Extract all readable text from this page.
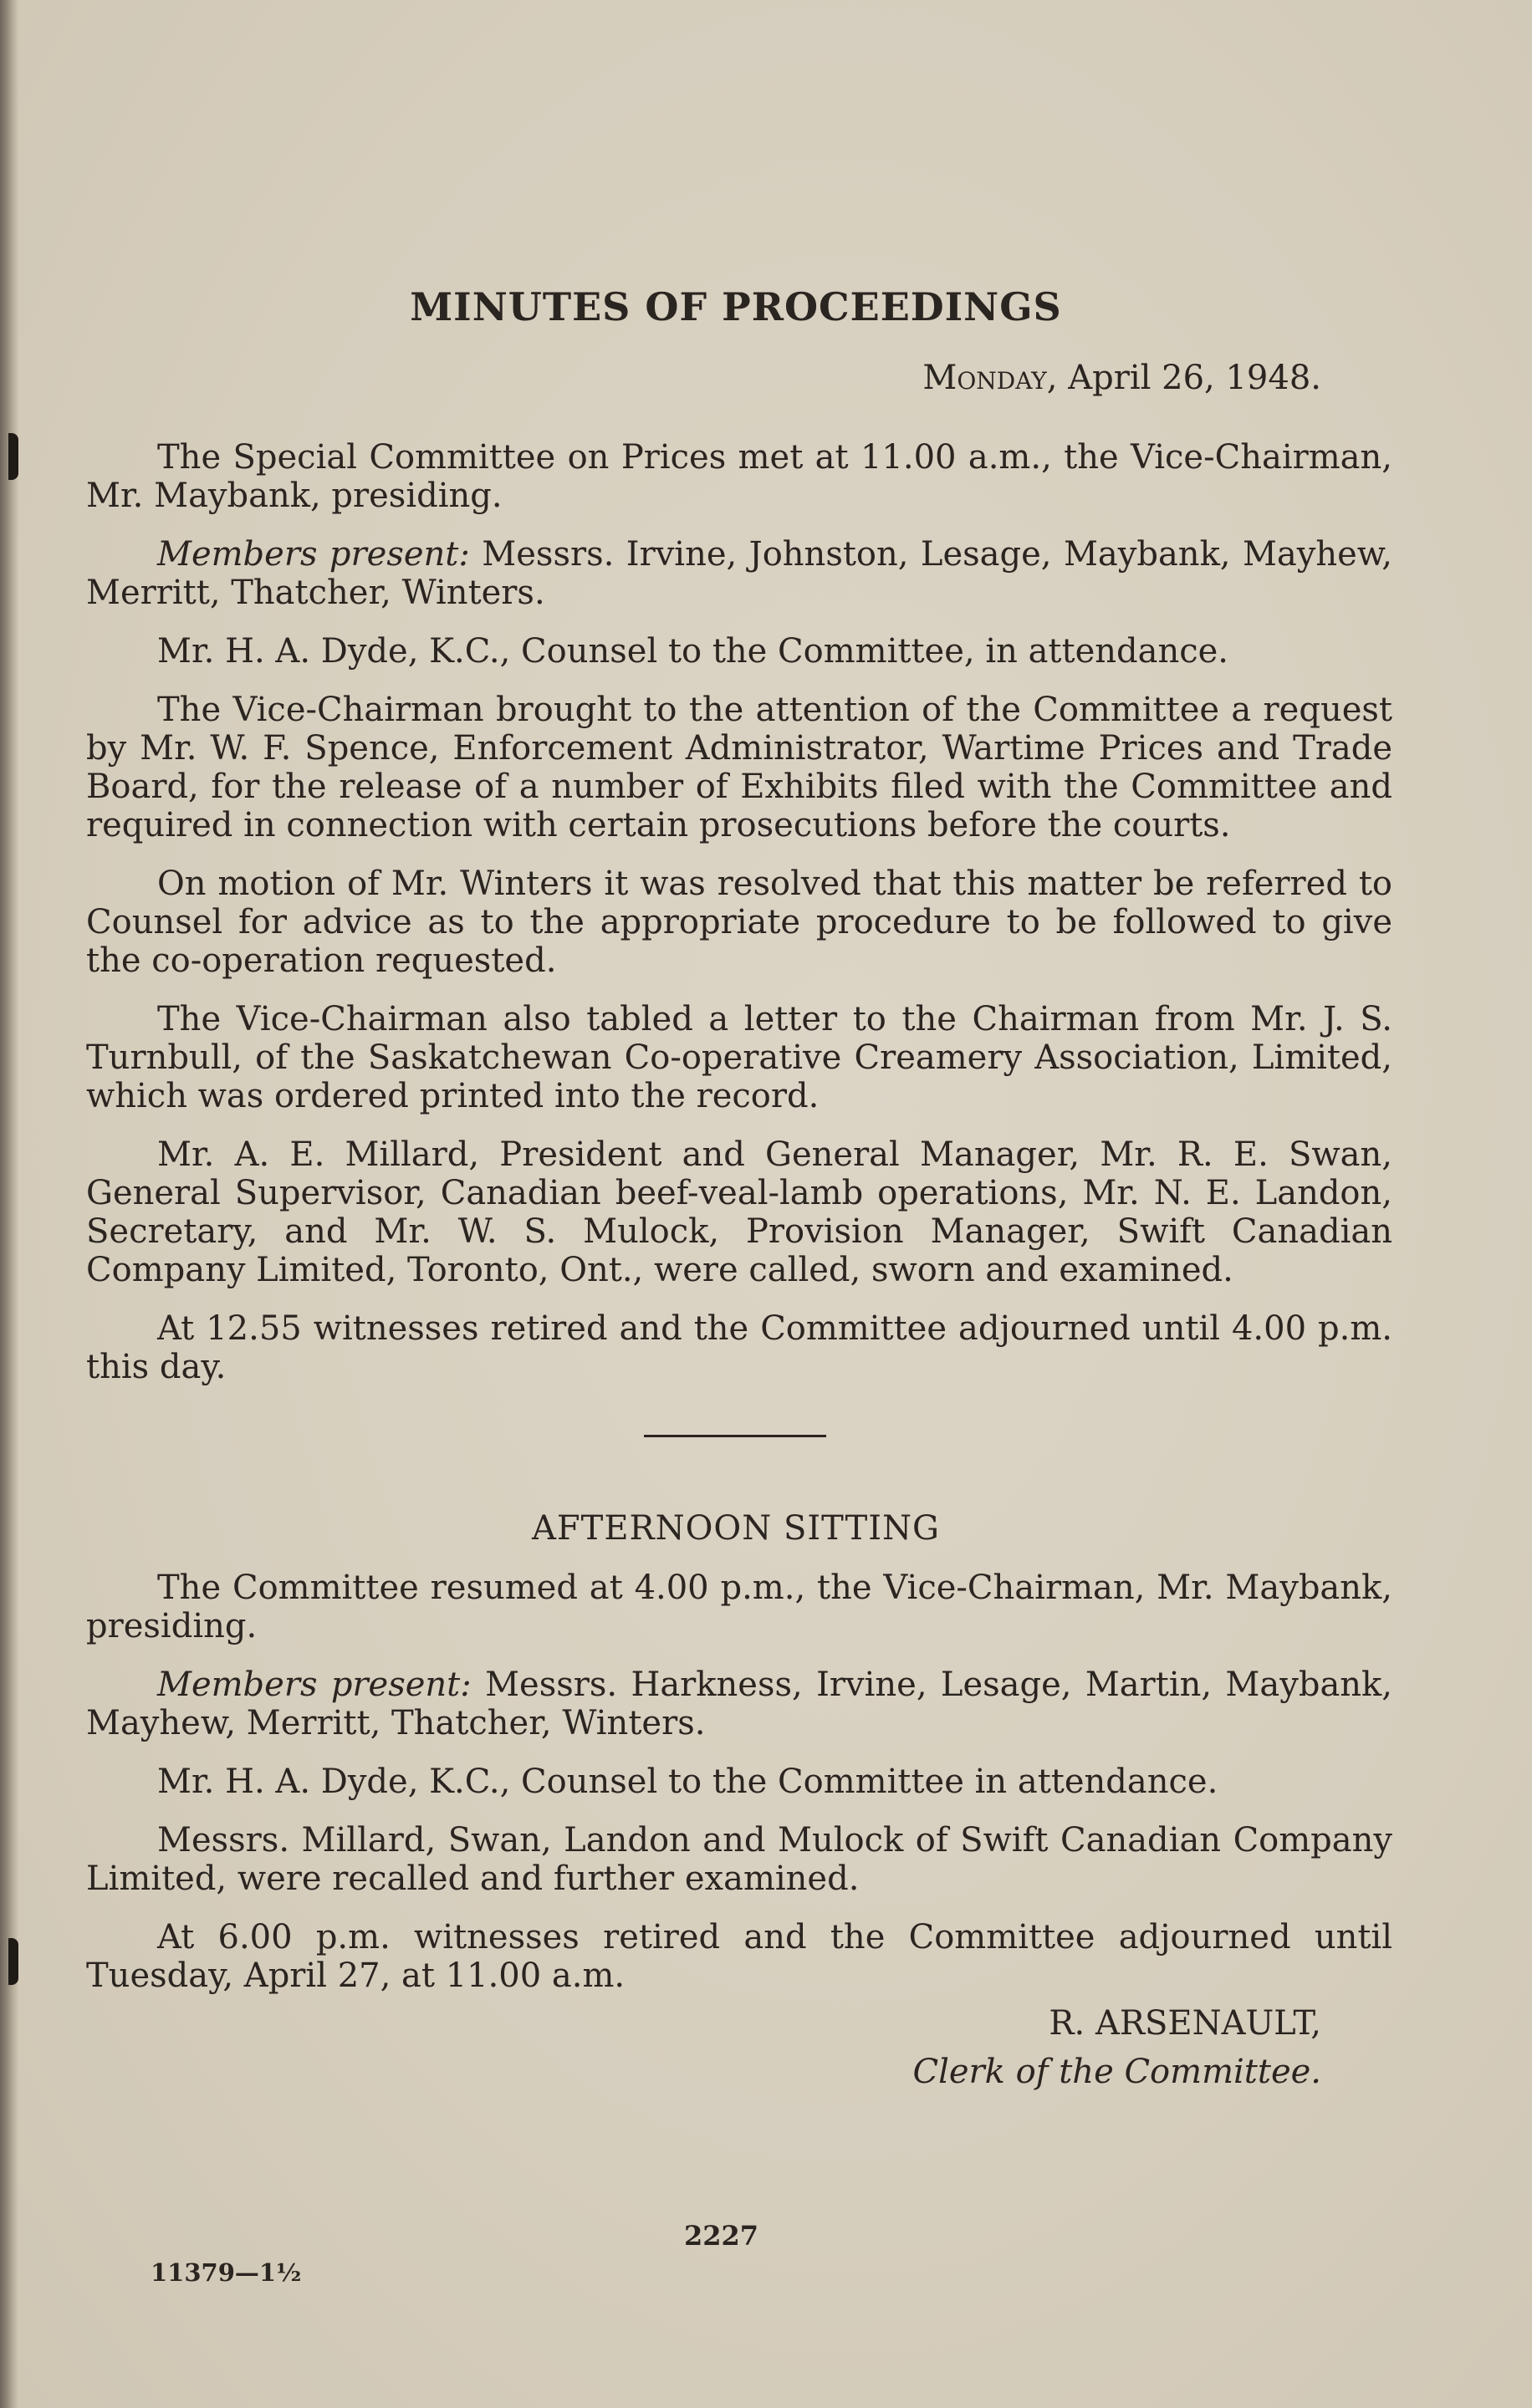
MINUTES OF PROCEEDINGS
Monday, April 26, 1948.

The Special Committee on Prices met at 11.00 a.m., the Vice-Chairman, Mr. Maybank, presiding.

Members present: Messrs. Irvine, Johnston, Lesage, Maybank, Mayhew, Merritt, Thatcher, Winters.

Mr. H. A. Dyde, K.C., Counsel to the Committee, in attendance.

The Vice-Chairman brought to the attention of the Committee a request by Mr. W. F. Spence, Enforcement Administrator, Wartime Prices and Trade Board, for the release of a number of Exhibits filed with the Committee and required in connection with certain prosecutions before the courts.

On motion of Mr. Winters it was resolved that this matter be referred to Counsel for advice as to the appropriate procedure to be followed to give the co-operation requested.

The Vice-Chairman also tabled a letter to the Chairman from Mr. J. S. Turnbull, of the Saskatchewan Co-operative Creamery Association, Limited, which was ordered printed into the record.

Mr. A. E. Millard, President and General Manager, Mr. R. E. Swan, General Supervisor, Canadian beef-veal-lamb operations, Mr. N. E. Landon, Secretary, and Mr. W. S. Mulock, Provision Manager, Swift Canadian Company Limited, Toronto, Ont., were called, sworn and examined.

At 12.55 witnesses retired and the Committee adjourned until 4.00 p.m. this day.

AFTERNOON SITTING

The Committee resumed at 4.00 p.m., the Vice-Chairman, Mr. Maybank, presiding.

Members present: Messrs. Harkness, Irvine, Lesage, Martin, Maybank, Mayhew, Merritt, Thatcher, Winters.

Mr. H. A. Dyde, K.C., Counsel to the Committee in attendance.

Messrs. Millard, Swan, Landon and Mulock of Swift Canadian Company Limited, were recalled and further examined.

At 6.00 p.m. witnesses retired and the Committee adjourned until Tuesday, April 27, at 11.00 a.m.

R. ARSENAULT,
Clerk of the Committee.
2227
11379—1½
